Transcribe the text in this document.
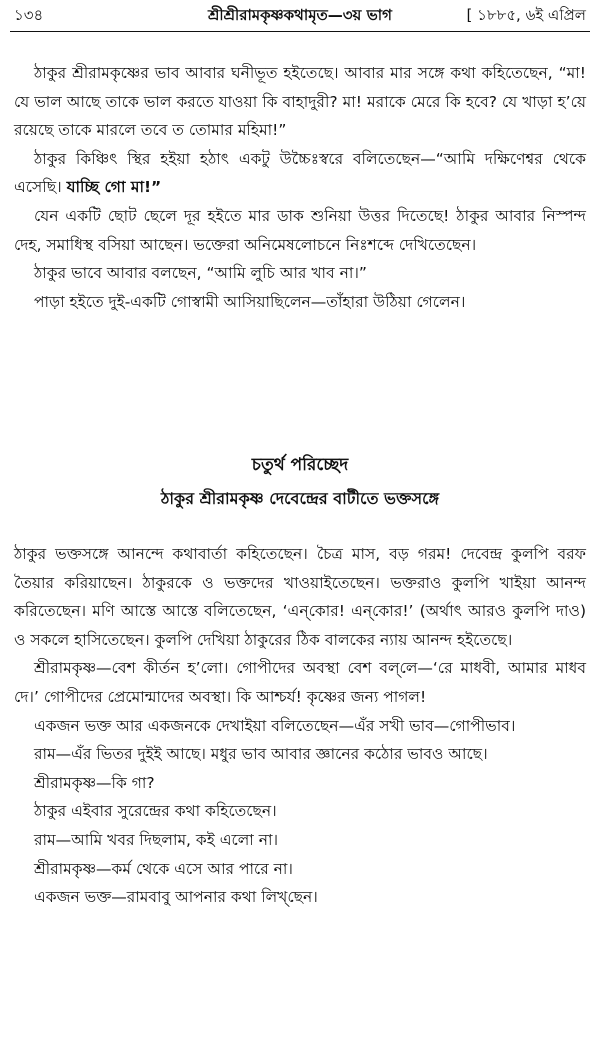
১৩৪	শ্রীশ্রীরামকৃষ্ণকথামৃত—৩য় ভাগ	[ ১৮৮৫, ৬ই এপ্রিল

ঠাকুর শ্রীরামকৃষ্ণের ভাব আবার ঘনীভূত হইতেছে। আবার মার সঙ্গে কথা কহিতেছেন, “মা! যে ভাল আছে তাকে ভাল করতে যাওয়া কি বাহাদুরী? মা! মরাকে মেরে কি হবে? যে খাড়া হ’য়ে রয়েছে তাকে মারলে তবে ত তোমার মহিমা!”

ঠাকুর কিঞ্চিৎ স্থির হইয়া হঠাৎ একটু উচ্চৈঃস্বরে বলিতেছেন—“আমি দক্ষিণেশ্বর থেকে এসেছি। যাচ্ছি গো মা!”

যেন একটি ছোট ছেলে দূর হইতে মার ডাক শুনিয়া উত্তর দিতেছে! ঠাকুর আবার নিস্পন্দ দেহ, সমাধিস্থ বসিয়া আছেন। ভক্তেরা অনিমেষলোচনে নিঃশব্দে দেখিতেছেন।

ঠাকুর ভাবে আবার বলছেন, “আমি লুচি আর খাব না।”

পাড়া হইতে দুই-একটি গোস্বামী আসিয়াছিলেন—তাঁহারা উঠিয়া গেলেন।

চতুর্থ পরিচ্ছেদ
ঠাকুর শ্রীরামকৃষ্ণ দেবেন্দ্রের বাটীতে ভক্তসঙ্গে

ঠাকুর ভক্তসঙ্গে আনন্দে কথাবার্তা কহিতেছেন। চৈত্র মাস, বড় গরম! দেবেন্দ্র কুলপি বরফ তৈয়ার করিয়াছেন। ঠাকুরকে ও ভক্তদের খাওয়াইতেছেন। ভক্তরাও কুলপি খাইয়া আনন্দ করিতেছেন। মণি আস্তে আস্তে বলিতেছেন, ‘এন্‌কোর! এন্‌কোর!’ (অর্থাৎ আরও কুলপি দাও) ও সকলে হাসিতেছেন। কুলপি দেখিয়া ঠাকুরের ঠিক বালকের ন্যায় আনন্দ হইতেছে।

শ্রীরামকৃষ্ণ—বেশ কীর্তন হ’লো। গোপীদের অবস্থা বেশ বল্‌লে—‘রে মাধবী, আমার মাধব দে।’ গোপীদের প্রেমোন্মাদের অবস্থা। কি আশ্চর্য! কৃষ্ণের জন্য পাগল!

একজন ভক্ত আর একজনকে দেখাইয়া বলিতেছেন—এঁর সখী ভাব—গোপীভাব।

রাম—এঁর ভিতর দুইই আছে। মধুর ভাব আবার জ্ঞানের কঠোর ভাবও আছে।

শ্রীরামকৃষ্ণ—কি গা?

ঠাকুর এইবার সুরেন্দ্রের কথা কহিতেছেন।

রাম—আমি খবর দিছলাম, কই এলো না।

শ্রীরামকৃষ্ণ—কর্ম থেকে এসে আর পারে না।

একজন ভক্ত—রামবাবু আপনার কথা লিখ্‌ছেন।
